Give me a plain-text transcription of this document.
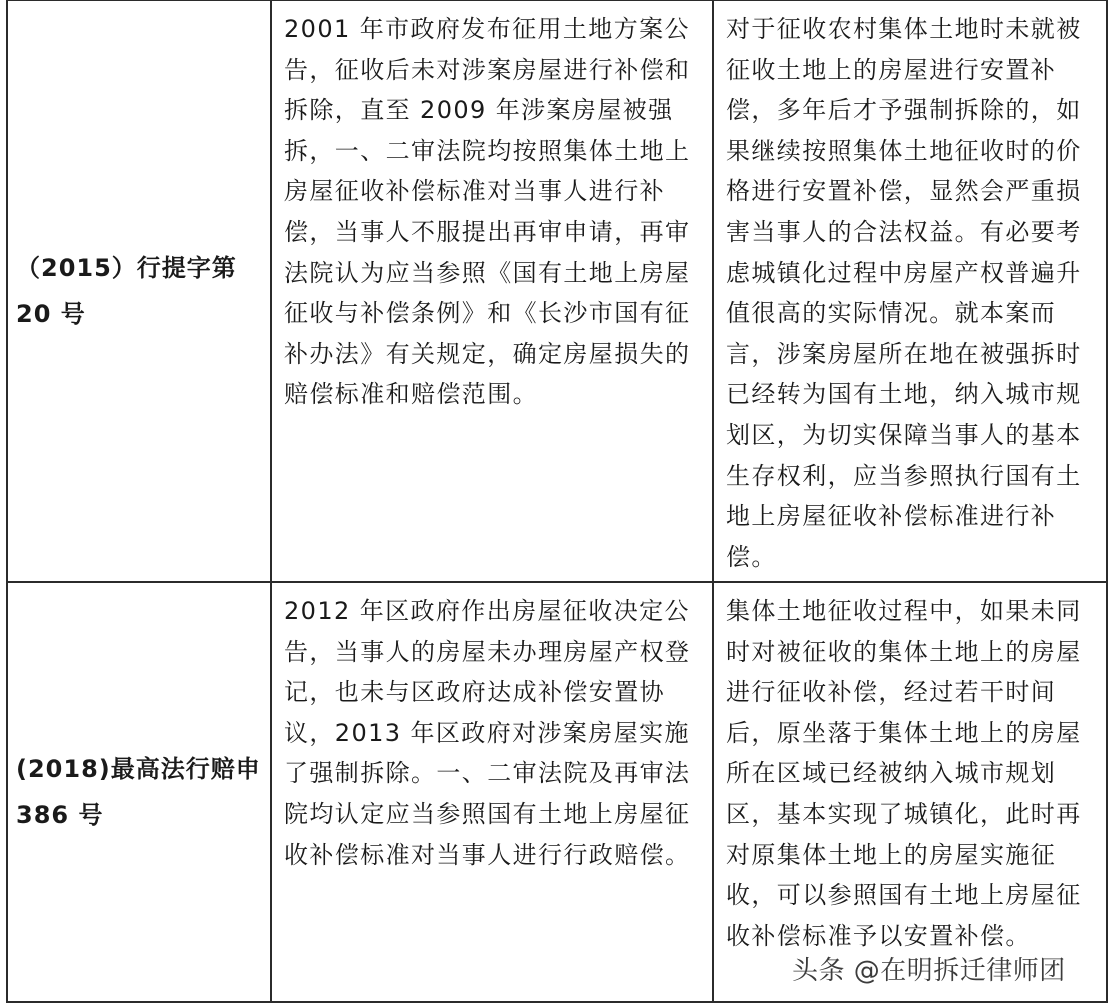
（2015）行提字第 20 号	2001 年市政府发布征用土地方案公告，征收后未对涉案房屋进行补偿和拆除，直至 2009 年涉案房屋被强拆，一、二审法院均按照集体土地上房屋征收补偿标准对当事人进行补偿，当事人不服提出再审申请，再审法院认为应当参照《国有土地上房屋征收与补偿条例》和《长沙市国有征补办法》有关规定，确定房屋损失的赔偿标准和赔偿范围。	对于征收农村集体土地时未就被征收土地上的房屋进行安置补偿，多年后才予强制拆除的，如果继续按照集体土地征收时的价格进行安置补偿，显然会严重损害当事人的合法权益。有必要考虑城镇化过程中房屋产权普遍升值很高的实际情况。就本案而言，涉案房屋所在地在被强拆时已经转为国有土地，纳入城市规划区，为切实保障当事人的基本生存权利，应当参照执行国有土地上房屋征收补偿标准进行补偿。

(2018)最高法行赔申 386 号	2012 年区政府作出房屋征收决定公告，当事人的房屋未办理房屋产权登记，也未与区政府达成补偿安置协议，2013 年区政府对涉案房屋实施了强制拆除。一、二审法院及再审法院均认定应当参照国有土地上房屋征收补偿标准对当事人进行行政赔偿。	集体土地征收过程中，如果未同时对被征收的集体土地上的房屋进行征收补偿，经过若干时间后，原坐落于集体土地上的房屋所在区域已经被纳入城市规划区，基本实现了城镇化，此时再对原集体土地上的房屋实施征收，可以参照国有土地上房屋征收补偿标准予以安置补偿。
头条 @在明拆迁律师团
